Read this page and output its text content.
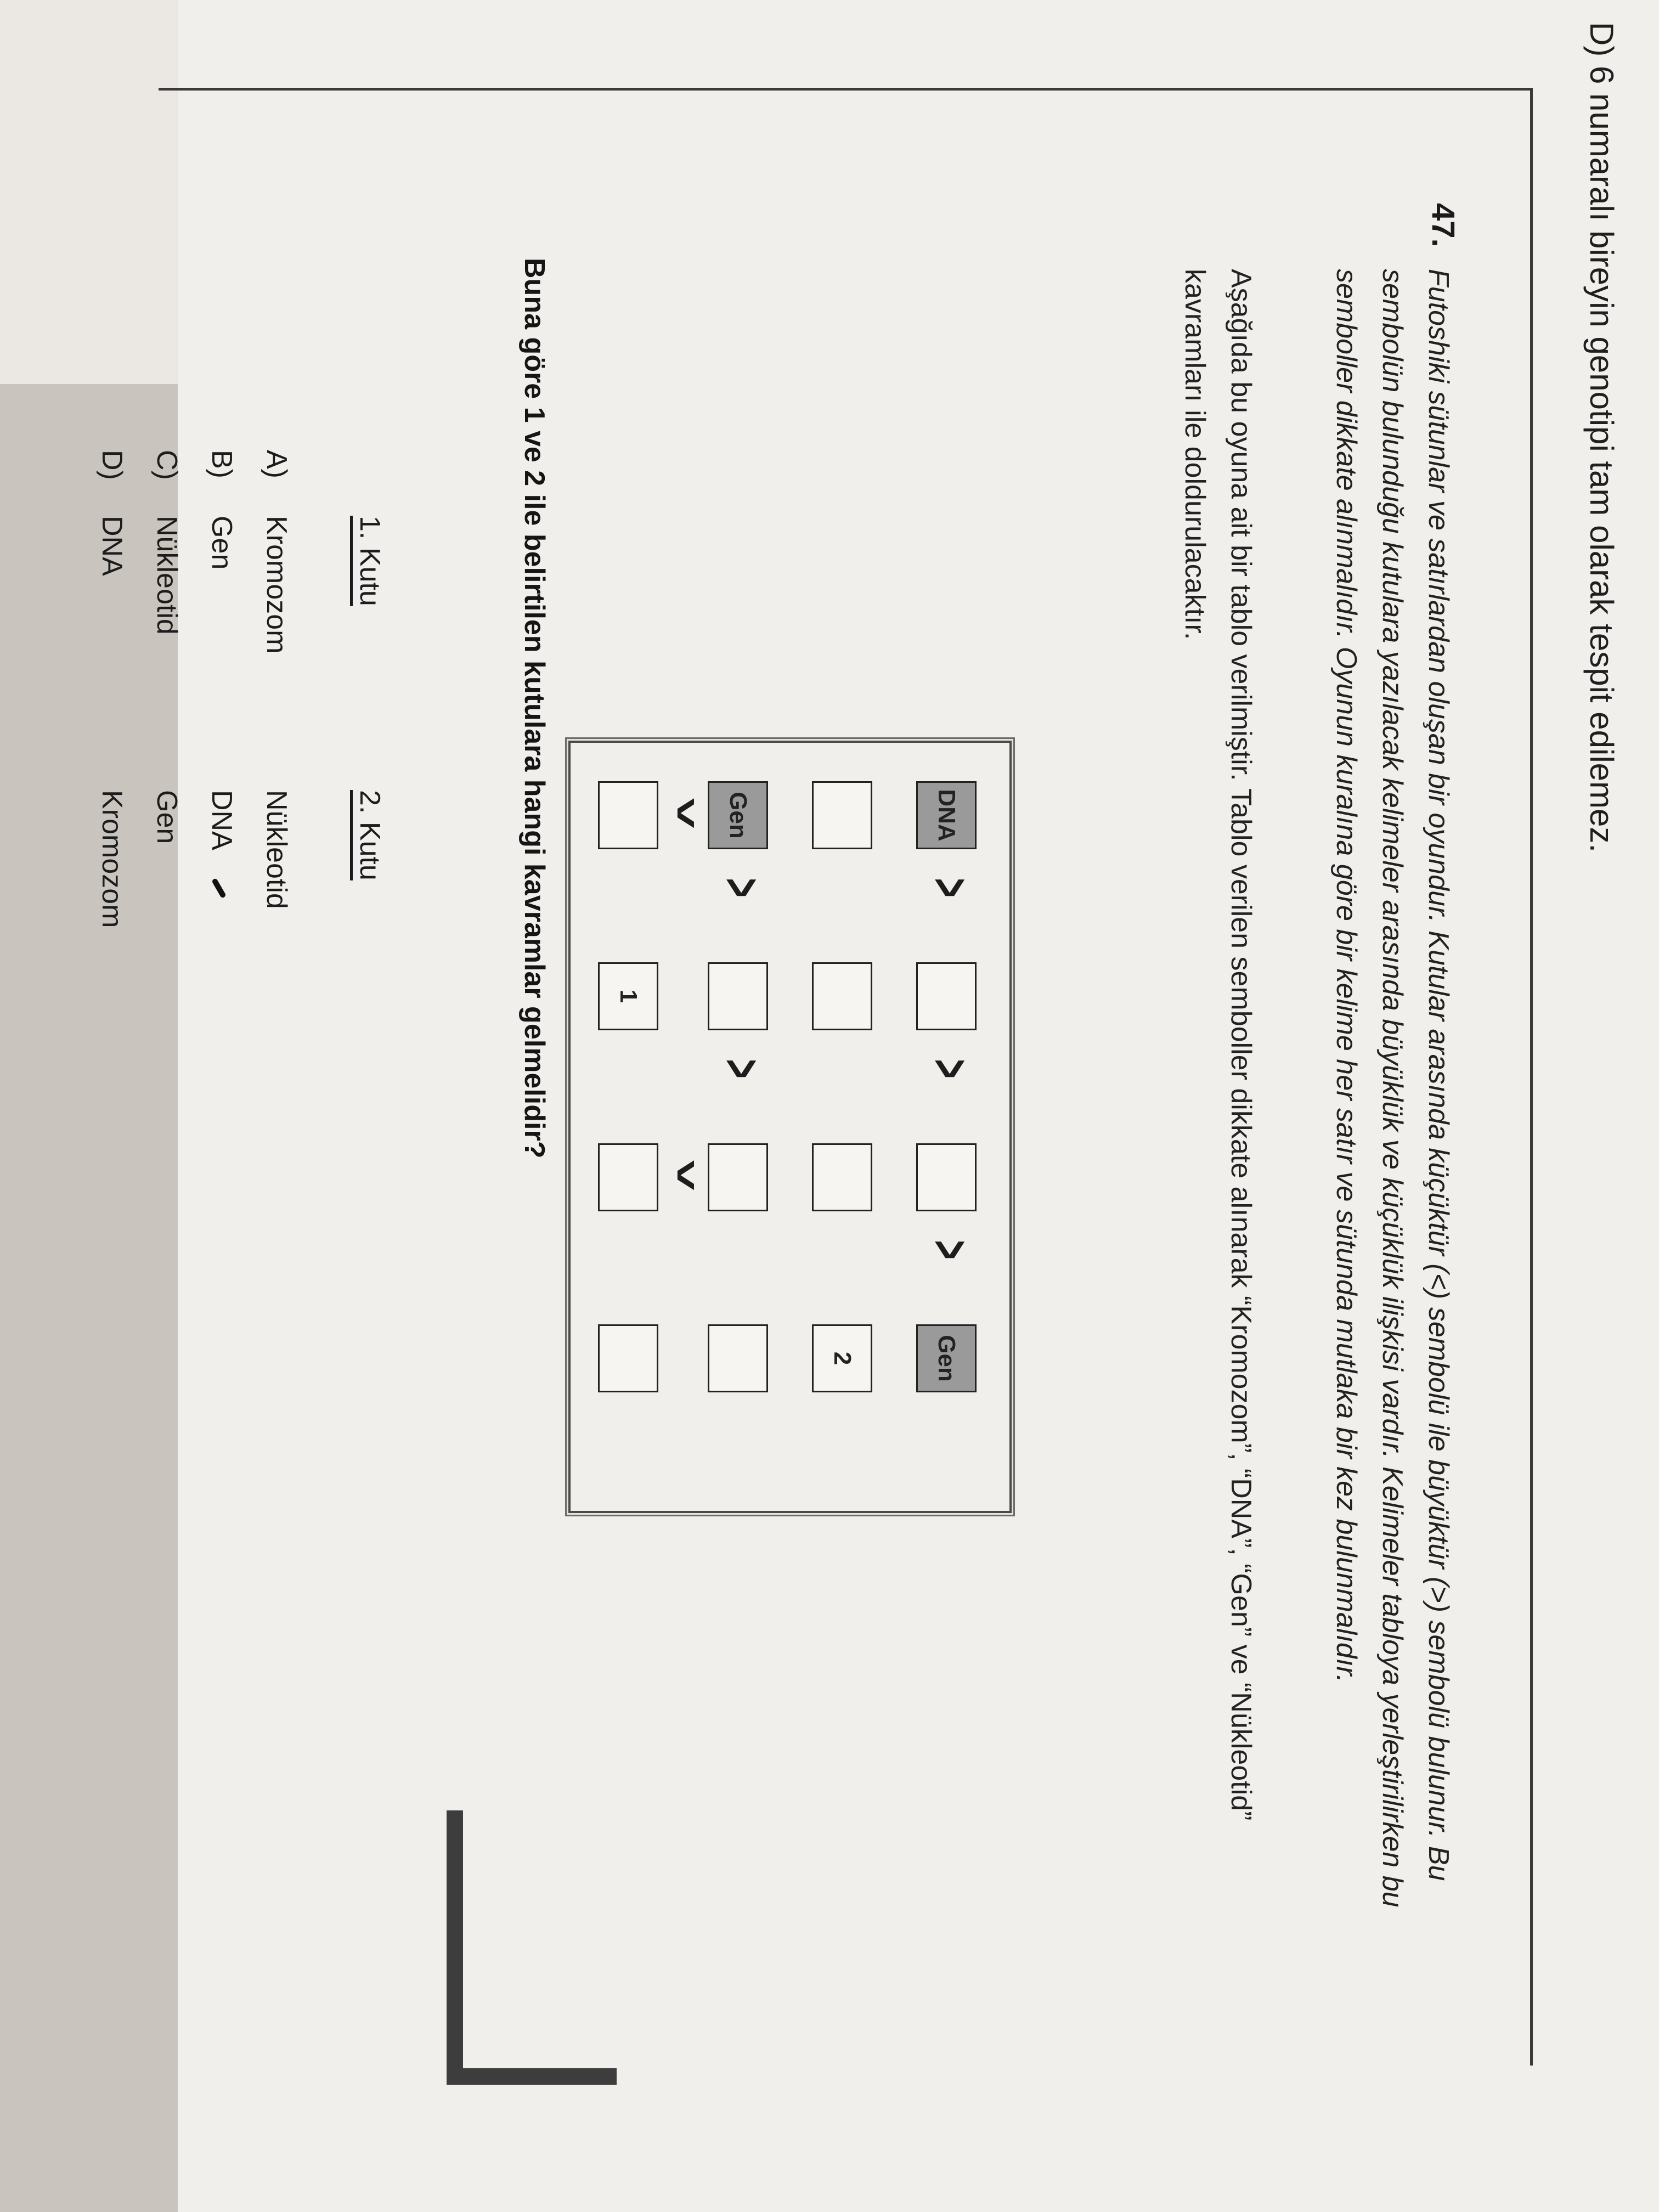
D) 6 numaralı bireyin genotipi tam olarak tespit edilemez.
47.
Futoshiki sütunlar ve satırlardan oluşan bir oyundur. Kutular arasında küçüktür (<) sembolü ile büyüktür (>) sembolü bulunur. Bu sembolün bulunduğu kutulara yazılacak kelimeler arasında büyüklük ve küçüklük ilişkisi vardır. Kelimeler tabloya yerleştirilirken bu semboller dikkate alınmalıdır. Oyunun kuralına göre bir kelime her satır ve sütunda mutlaka bir kez bulunmalıdır.
Aşağıda bu oyuna ait bir tablo verilmiştir. Tablo verilen semboller dikkate alınarak “Kromozom”, “DNA”, “Gen” ve “Nükleotid” kavramları ile doldurulacaktır.
DNA
>
>
>
Gen
2
Gen
>
>
>
>
1
Buna göre 1 ve 2 ile belirtilen kutulara hangi kavramlar gelmelidir?
1. Kutu
2. Kutu
A)KromozomNükleotid
B)GenDNA
C)NükleotidGen
D)DNAKromozom
